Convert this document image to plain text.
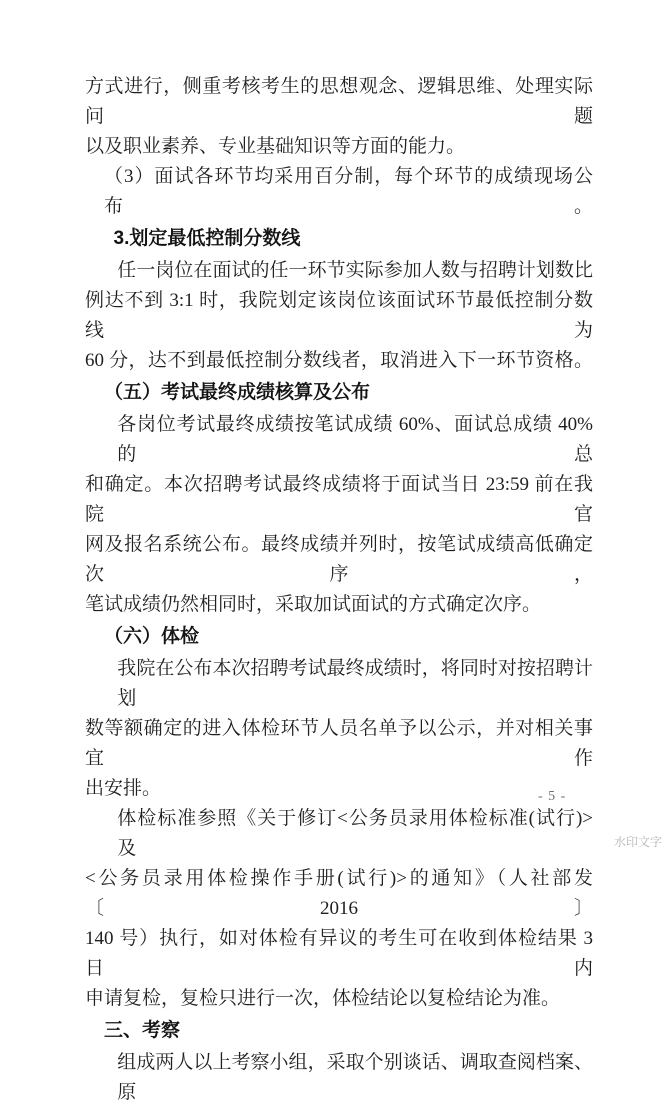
方式进行，侧重考核考生的思想观念、逻辑思维、处理实际问题
以及职业素养、专业基础知识等方面的能力。
（3）面试各环节均采用百分制，每个环节的成绩现场公布。
3.划定最低控制分数线
任一岗位在面试的任一环节实际参加人数与招聘计划数比
例达不到 3:1 时，我院划定该岗位该面试环节最低控制分数线为
60 分，达不到最低控制分数线者，取消进入下一环节资格。
（五）考试最终成绩核算及公布
各岗位考试最终成绩按笔试成绩 60%、面试总成绩 40%的总
和确定。本次招聘考试最终成绩将于面试当日 23:59 前在我院官
网及报名系统公布。最终成绩并列时，按笔试成绩高低确定次序，
笔试成绩仍然相同时，采取加试面试的方式确定次序。
（六）体检
我院在公布本次招聘考试最终成绩时，将同时对按招聘计划
数等额确定的进入体检环节人员名单予以公示，并对相关事宜作
出安排。
体检标准参照《关于修订<公务员录用体检标准(试行)>　及
<公务员录用体检操作手册(试行)>的通知》（人社部发〔2016〕
140 号）执行，如对体检有异议的考生可在收到体检结果 3 日内
申请复检，复检只进行一次，体检结论以复检结论为准。
三、考察
组成两人以上考察小组，采取个别谈话、调取查阅档案、原
- 5 -
水印文字
